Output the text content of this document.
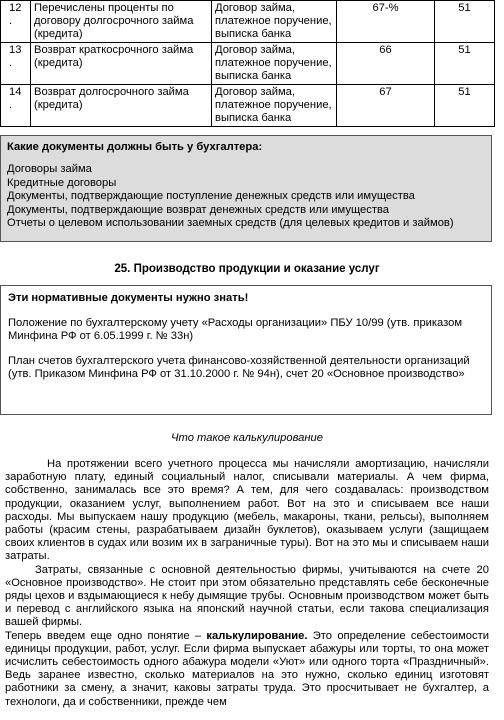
12
.	Перечислены проценты по договору долгосрочного займа (кредита)	Договор займа, платежное поручение, выписка банка	67-%	51
13
.	Возврат краткосрочного займа (кредита)	Договор займа, платежное поручение, выписка банка	66	51
14
.	Возврат долгосрочного займа (кредита)	Договор займа, платежное поручение, выписка банка	67	51
Какие документы должны быть у бухгалтера:
Договоры займа
Кредитные договоры
Документы, подтверждающие поступление денежных средств или имущества
Документы, подтверждающие возврат денежных средств или имущества
Отчеты о целевом использовании заемных средств (для целевых кредитов и займов)
25. Производство продукции и оказание услуг
Эти нормативные документы нужно знать!

Положение по бухгалтерскому учету «Расходы организации» ПБУ 10/99 (утв. приказом Минфина РФ от 6.05.1999 г. № 33н)

План счетов бухгалтерского учета финансово-хозяйственной деятельности организаций (утв. Приказом Минфина РФ от 31.10.2000 г. № 94н), счет 20 «Основное производство»

Что такое калькулирование

На протяжении всего учетного процесса мы начисляли амортизацию, начисляли заработную плату, единый социальный налог, списывали материалы. А чем фирма, собственно, занималась все это время? А тем, для чего создавалась: производством продукции, оказанием услуг, выполнением работ. Вот на это и списываем все наши расходы. Мы выпускаем нашу продукцию (мебель, макароны, ткани, рельсы), выполняем работы (красим стены, разрабатываем дизайн буклетов), оказываем услуги (защищаем своих клиентов в судах или возим их в заграничные туры). Вот на это мы и списываем наши затраты.

Затраты, связанные с основной деятельностью фирмы, учитываются на счете 20 «Основное производство». Не стоит при этом обязательно представлять себе бесконечные ряды цехов и вздымающиеся к небу дымящие трубы. Основным производством может быть и перевод с английского языка на японский научной статьи, если такова специализация вашей фирмы.

Теперь введем еще одно понятие – калькулирование. Это определение себестоимости единицы продукции, работ, услуг. Если фирма выпускает абажуры или торты, то она может исчислить себестоимость одного абажура модели «Уют» или одного торта «Праздничный». Ведь заранее известно, сколько материалов на это нужно, сколько единиц изготовят работники за смену, а значит, каковы затраты труда. Это просчитывает не бухгалтер, а технологи, да и собственники, прежде чем
